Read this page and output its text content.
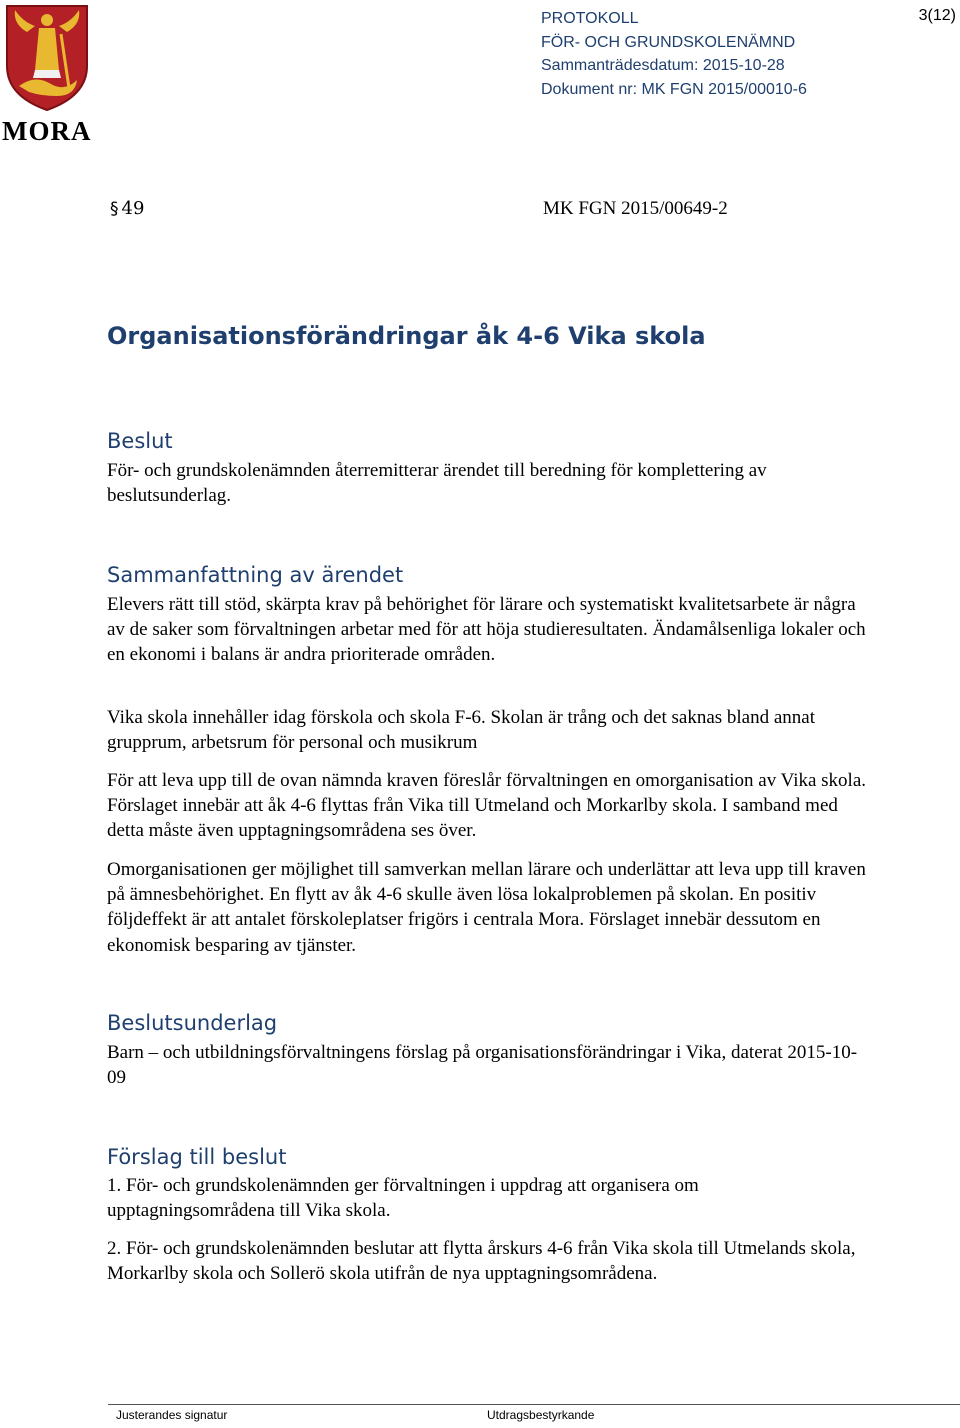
MORA
PROTOKOLL
FÖR- OCH GRUNDSKOLENÄMND
Sammanträdesdatum: 2015-10-28
Dokument nr: MK FGN 2015/00010-6
3(12)
§ 49	MK FGN 2015/00649-2
Organisationsförändringar åk 4-6 Vika skola
Beslut
För- och grundskolenämnden återremitterar ärendet till beredning för komplettering av beslutsunderlag.
Sammanfattning av ärendet
Elevers rätt till stöd, skärpta krav på behörighet för lärare och systematiskt kvalitetsarbete är några av de saker som förvaltningen arbetar med för att höja studieresultaten. Ändamålsenliga lokaler och en ekonomi i balans är andra prioriterade områden.
Vika skola innehåller idag förskola och skola F-6. Skolan är trång och det saknas bland annat grupprum, arbetsrum för personal och musikrum
För att leva upp till de ovan nämnda kraven föreslår förvaltningen en omorganisation av Vika skola. Förslaget innebär att åk 4-6 flyttas från Vika till Utmeland och Morkarlby skola. I samband med detta måste även upptagningsområdena ses över.
Omorganisationen ger möjlighet till samverkan mellan lärare och underlättar att leva upp till kraven på ämnesbehörighet. En flytt av åk 4-6 skulle även lösa lokalproblemen på skolan. En positiv följdeffekt är att antalet förskoleplatser frigörs i centrala Mora. Förslaget innebär dessutom en ekonomisk besparing av tjänster.
Beslutsunderlag
Barn – och utbildningsförvaltningens förslag på organisationsförändringar i Vika, daterat 2015-10-09
Förslag till beslut
1. För- och grundskolenämnden ger förvaltningen i uppdrag att organisera om upptagningsområdena till Vika skola.
2. För- och grundskolenämnden beslutar att flytta årskurs 4-6 från Vika skola till Utmelands skola, Morkarlby skola och Sollerö skola utifrån de nya upptagningsområdena.
Justerandes signatur	Utdragsbestyrkande
